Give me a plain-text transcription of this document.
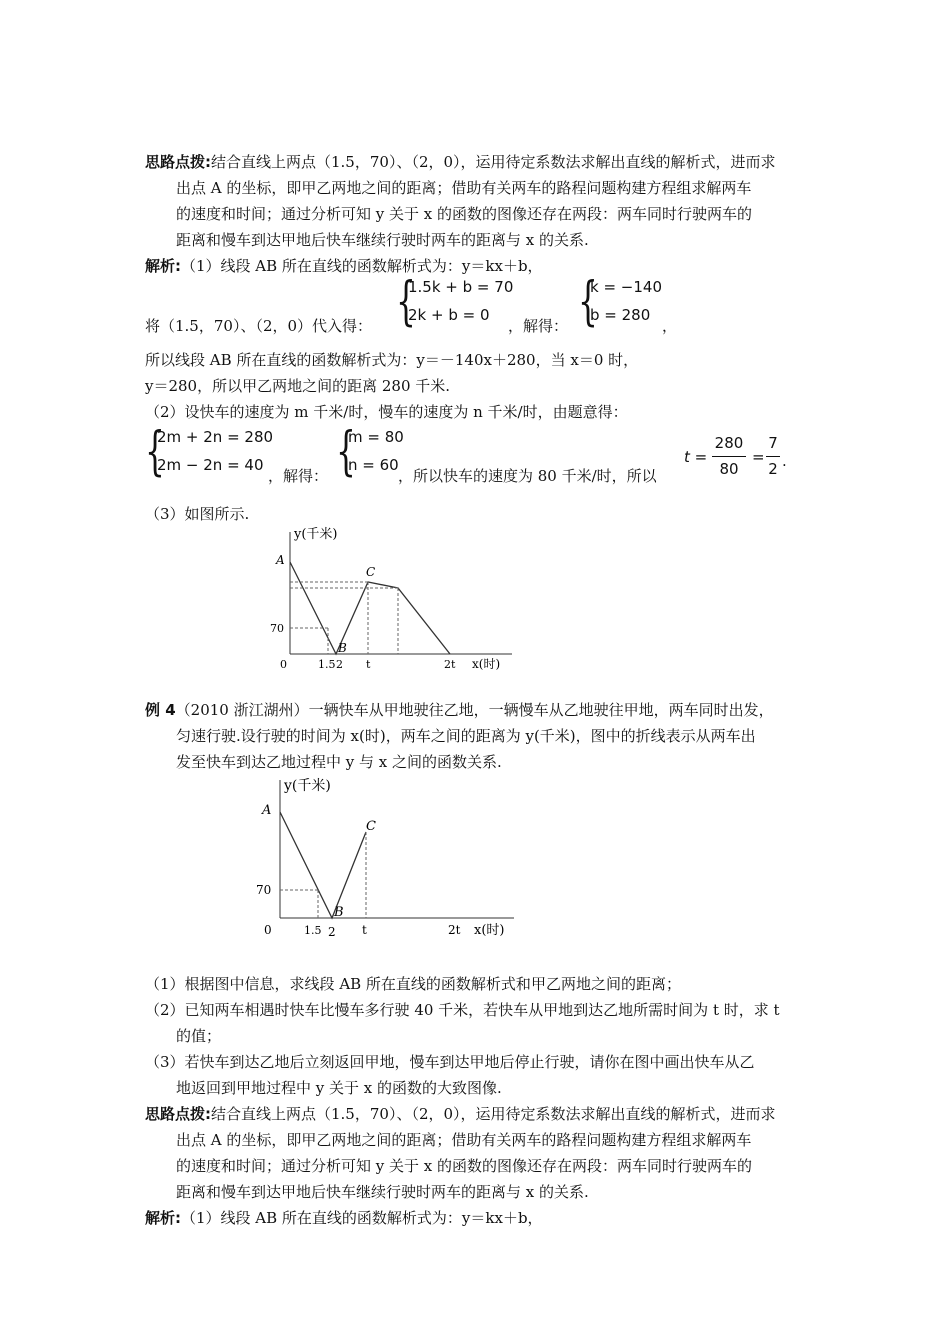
思路点拨:结合直线上两点（1.5，70）、（2，0），运用待定系数法求解出直线的解析式，进而求
出点 A 的坐标，即甲乙两地之间的距离；借助有关两车的路程问题构建方程组求解两车
的速度和时间；通过分析可知 y 关于 x 的函数的图像还存在两段：两车同时行驶两车的
距离和慢车到达甲地后快车继续行驶时两车的距离与 x 的关系.
解析:（1）线段 AB 所在直线的函数解析式为：y＝kx＋b，
将（1.5，70）、（2，0）代入得： {
1.5k + b = 70
2k + b = 0
，解得： {
k = −140
b = 280
，
所以线段 AB 所在直线的函数解析式为：y＝－140x＋280，当 x＝0 时，
y＝280，所以甲乙两地之间的距离 280 千米.
（2）设快车的速度为 m 千米/时，慢车的速度为 n 千米/时，由题意得：
{
2m + 2n = 280
2m − 2n = 40
，解得： {
m = 80
n = 60
，所以快车的速度为 80 千米/时，所以
t =
280
80
=
7
2 .
（3）如图所示.
y(千米)
A
B
C
70
0	1.5 2 t	2t x(时)
例 4（2010 浙江湖州）一辆快车从甲地驶往乙地，一辆慢车从乙地驶往甲地，两车同时出发，
匀速行驶.设行驶的时间为 x(时)，两车之间的距离为 y(千米)，图中的折线表示从两车出
发至快车到达乙地过程中 y 与 x 之间的函数关系.
y(千米)
A
B
C
70
0	1.5 2 t	2t x(时)
（1）根据图中信息，求线段 AB 所在直线的函数解析式和甲乙两地之间的距离；
（2）已知两车相遇时快车比慢车多行驶 40 千米，若快车从甲地到达乙地所需时间为 t 时，求 t
的值；
（3）若快车到达乙地后立刻返回甲地，慢车到达甲地后停止行驶，请你在图中画出快车从乙
地返回到甲地过程中 y 关于 x 的函数的大致图像.
思路点拨:结合直线上两点（1.5，70）、（2，0），运用待定系数法求解出直线的解析式，进而求
出点 A 的坐标，即甲乙两地之间的距离；借助有关两车的路程问题构建方程组求解两车
的速度和时间；通过分析可知 y 关于 x 的函数的图像还存在两段：两车同时行驶两车的
距离和慢车到达甲地后快车继续行驶时两车的距离与 x 的关系.
解析:（1）线段 AB 所在直线的函数解析式为：y＝kx＋b，
